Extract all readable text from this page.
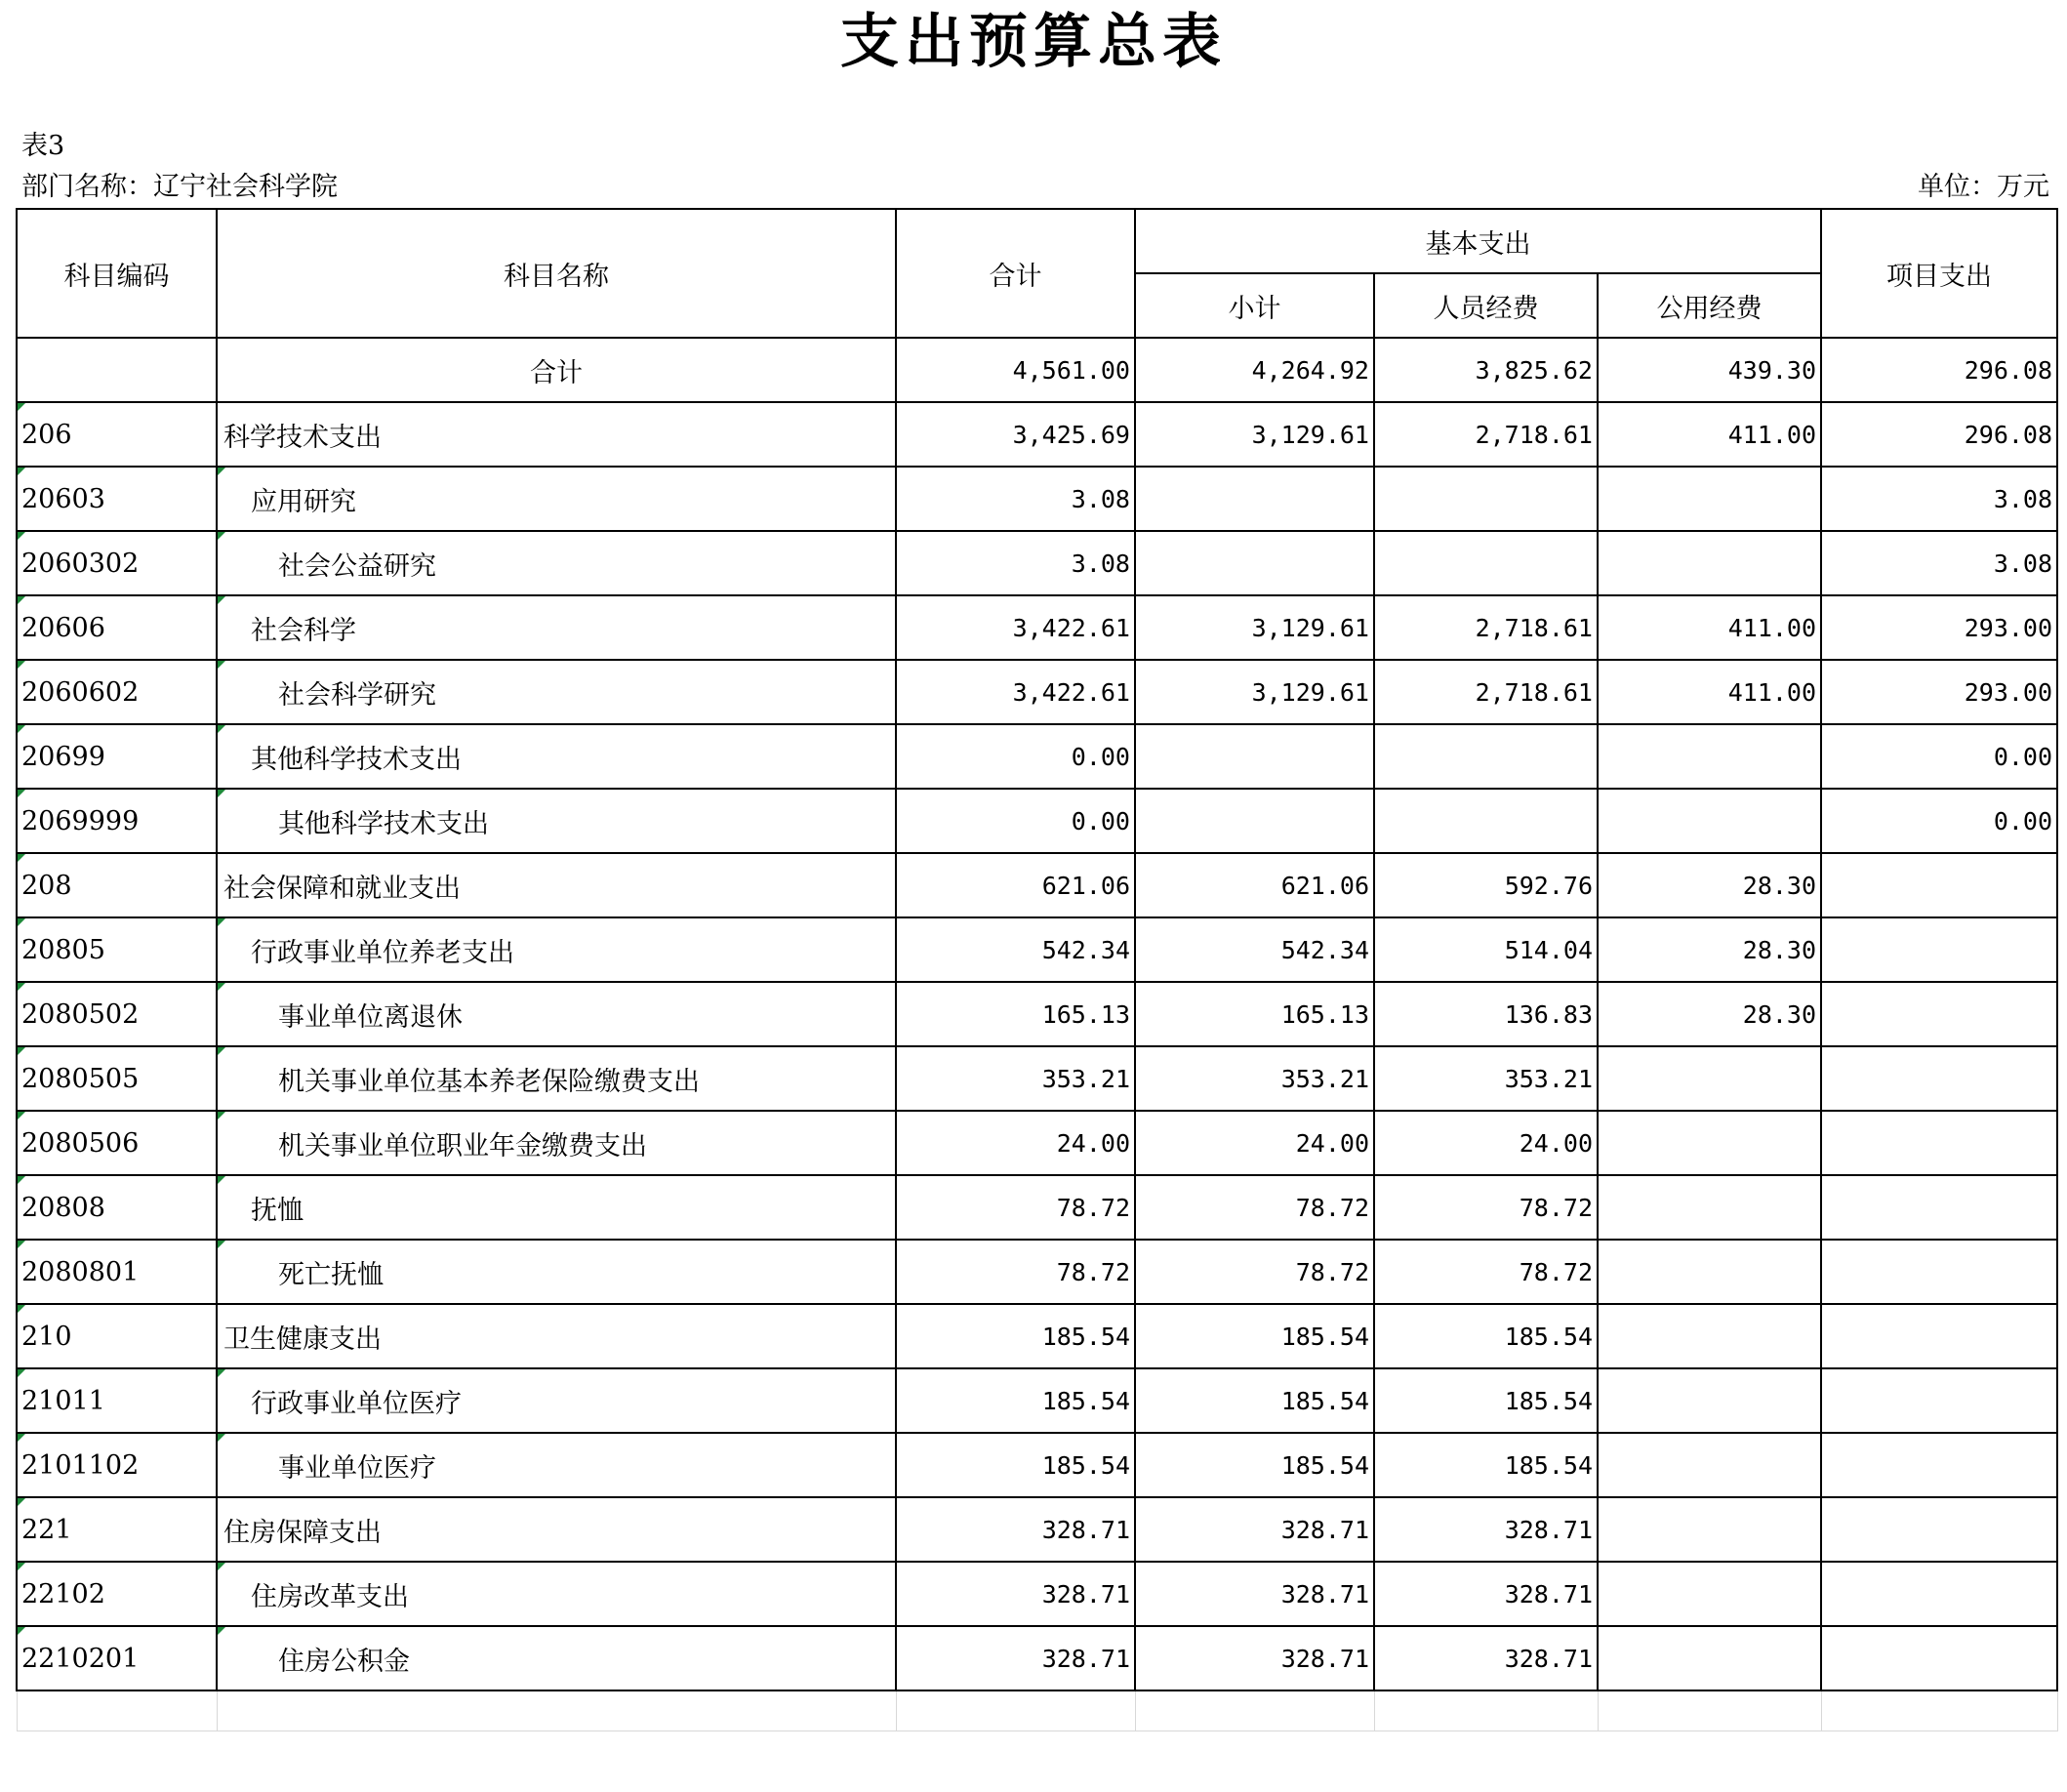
支出预算总表
表3
部门名称：辽宁社会科学院	单位：万元
科目编码	科目名称	合计	基本支出			项目支出
			小计	人员经费	公用经费	
	合计	4,561.00	4,264.92	3,825.62	439.30	296.08
206	科学技术支出	3,425.69	3,129.61	2,718.61	411.00	296.08
20603	应用研究	3.08				3.08
2060302	社会公益研究	3.08				3.08
20606	社会科学	3,422.61	3,129.61	2,718.61	411.00	293.00
2060602	社会科学研究	3,422.61	3,129.61	2,718.61	411.00	293.00
20699	其他科学技术支出	0.00				0.00
2069999	其他科学技术支出	0.00				0.00
208	社会保障和就业支出	621.06	621.06	592.76	28.30	
20805	行政事业单位养老支出	542.34	542.34	514.04	28.30	
2080502	事业单位离退休	165.13	165.13	136.83	28.30	
2080505	机关事业单位基本养老保险缴费支出	353.21	353.21	353.21		
2080506	机关事业单位职业年金缴费支出	24.00	24.00	24.00		
20808	抚恤	78.72	78.72	78.72		
2080801	死亡抚恤	78.72	78.72	78.72		
210	卫生健康支出	185.54	185.54	185.54		
21011	行政事业单位医疗	185.54	185.54	185.54		
2101102	事业单位医疗	185.54	185.54	185.54		
221	住房保障支出	328.71	328.71	328.71		
22102	住房改革支出	328.71	328.71	328.71		
2210201	住房公积金	328.71	328.71	328.71		
